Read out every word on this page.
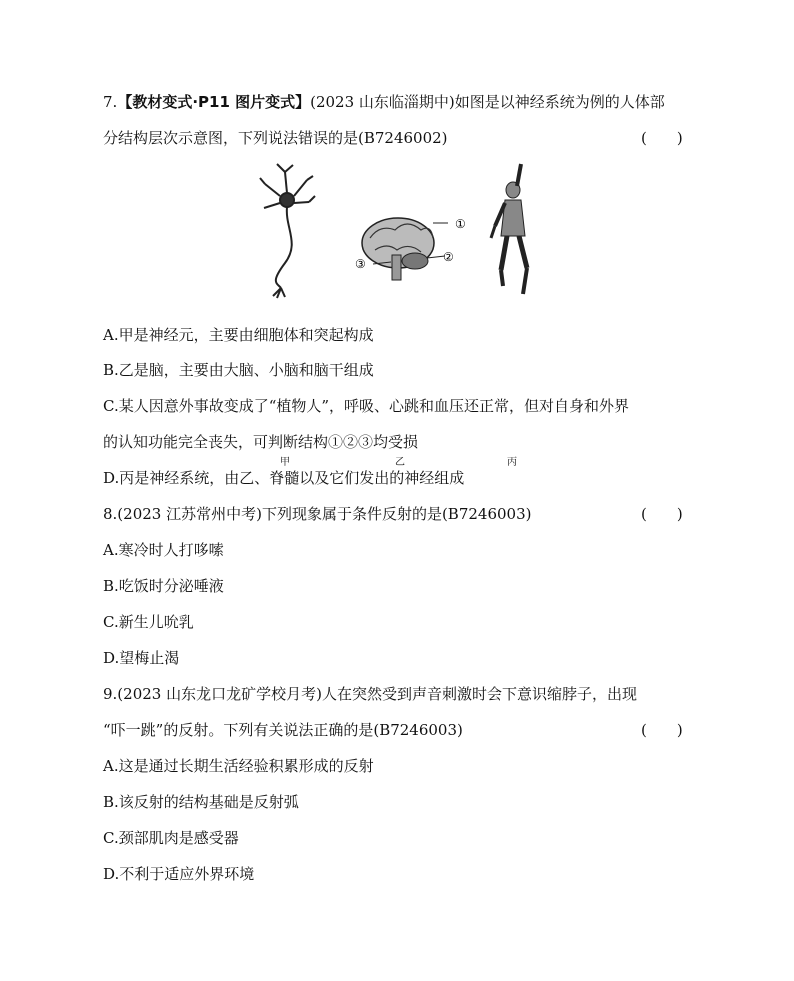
7.【教材变式·P11 图片变式】(2023 山东临淄期中)如图是以神经系统为例的人体部
分结构层次示意图，下列说法错误的是(B7246002)	(　　)
①
②
③
甲	乙	丙
A.甲是神经元，主要由细胞体和突起构成
B.乙是脑，主要由大脑、小脑和脑干组成
C.某人因意外事故变成了“植物人”，呼吸、心跳和血压还正常，但对自身和外界
的认知功能完全丧失，可判断结构①②③均受损
D.丙是神经系统，由乙、脊髓以及它们发出的神经组成
8.(2023 江苏常州中考)下列现象属于条件反射的是(B7246003)	(　　)
A.寒冷时人打哆嗦
B.吃饭时分泌唾液
C.新生儿吮乳
D.望梅止渴
9.(2023 山东龙口龙矿学校月考)人在突然受到声音刺激时会下意识缩脖子，出现
“吓一跳”的反射。下列有关说法正确的是(B7246003)	(　　)
A.这是通过长期生活经验积累形成的反射
B.该反射的结构基础是反射弧
C.颈部肌肉是感受器
D.不利于适应外界环境
